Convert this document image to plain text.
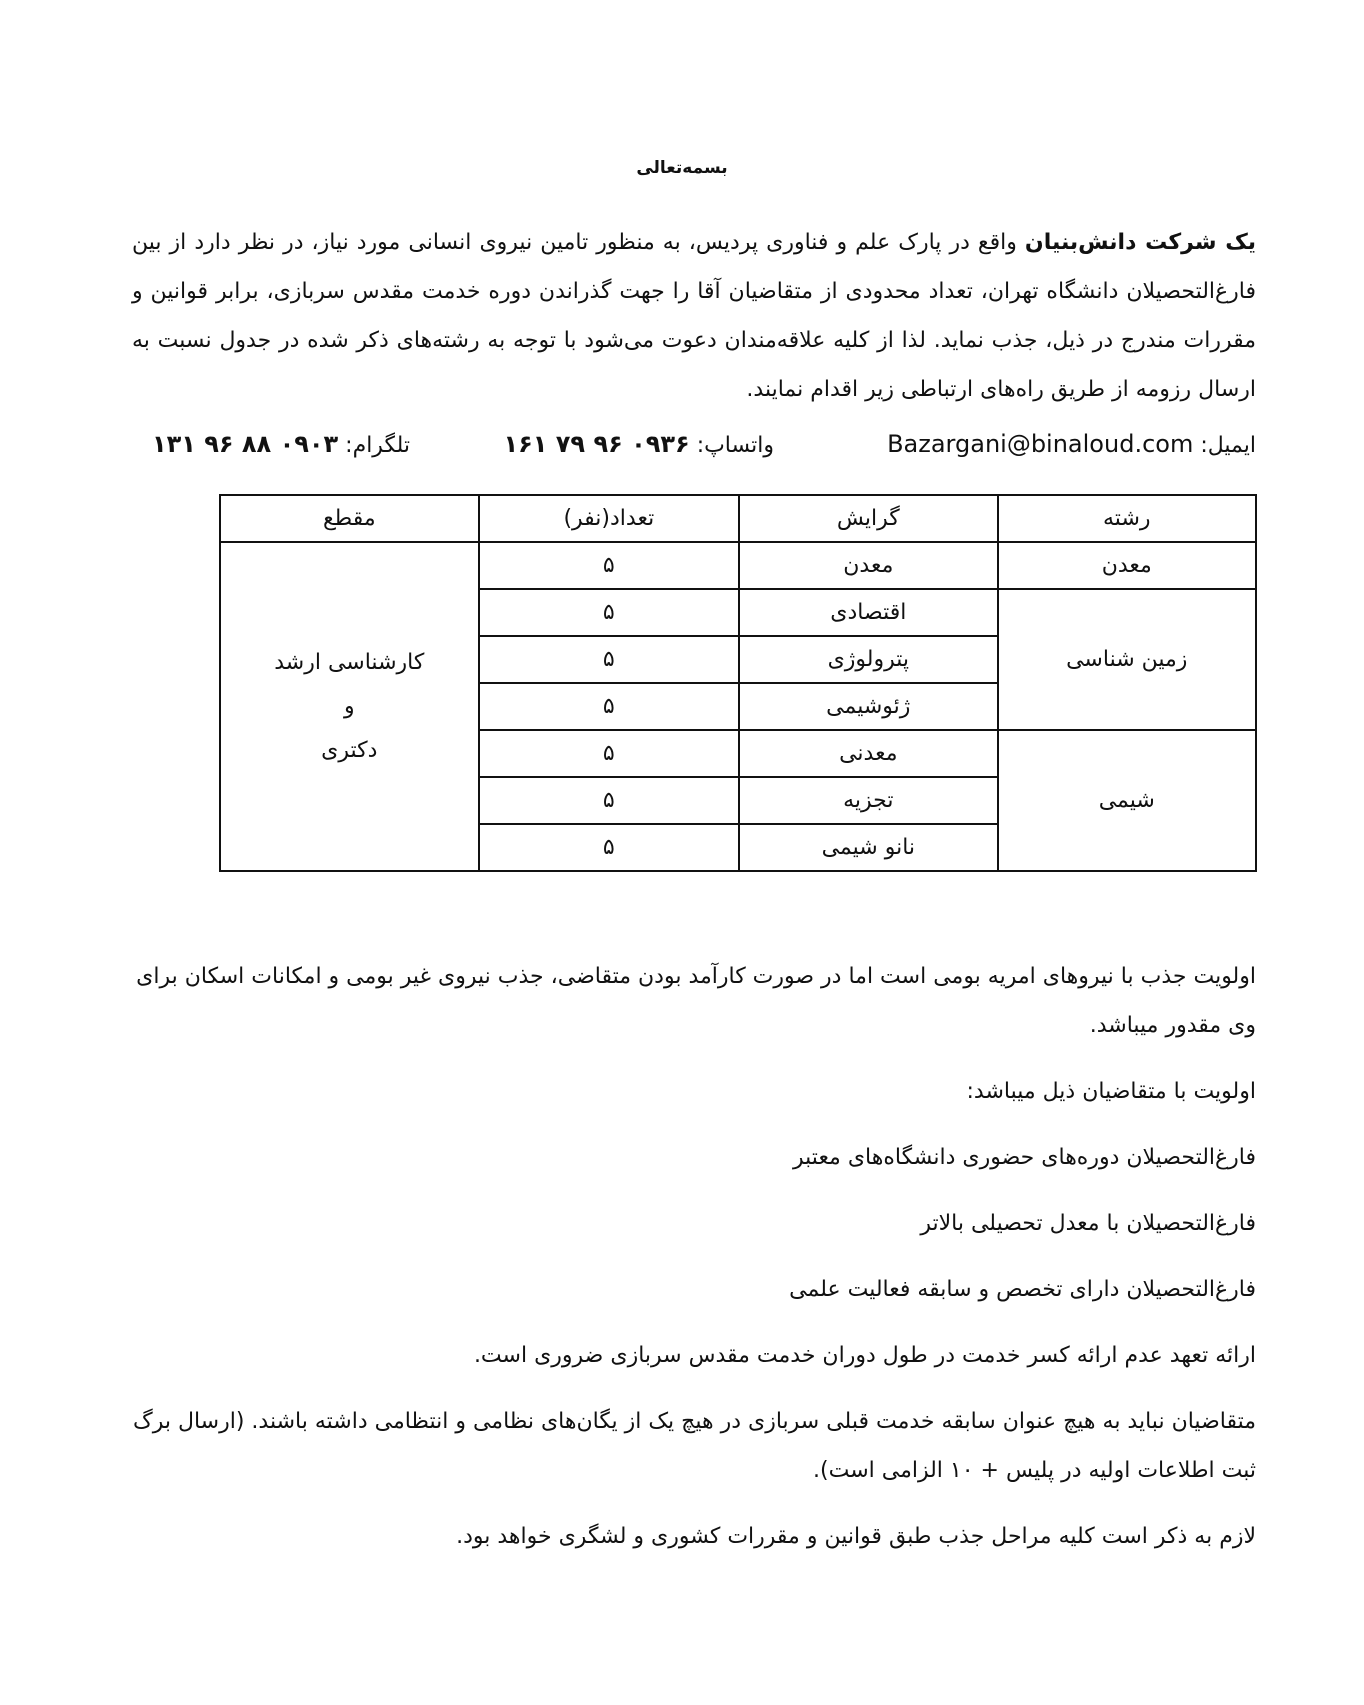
بسمه‌تعالی
یک شرکت دانش‌بنیان واقع در پارک علم و فناوری پردیس، به منظور تامین نیروی انسانی مورد نیاز، در نظر دارد از بین فارغ‌التحصیلان دانشگاه تهران، تعداد محدودی از متقاضیان آقا را جهت گذراندن دوره خدمت مقدس سربازی، برابر قوانین و مقررات مندرج در ذیل، جذب نماید. لذا از کلیه علاقه‌مندان دعوت می‌شود با توجه به رشته‌های ذکر شده در جدول نسبت به ارسال رزومه از طریق راه‌های ارتباطی زیر اقدام نمایند.
ایمیل: Bazargani@binaloud.com
واتساپ: ۰۹۳۶ ۹۶ ۷۹ ۱۶۱
تلگرام: ۰۹۰۳ ۸۸ ۹۶ ۱۳۱
رشته	گرایش	تعداد(نفر)	مقطع
معدن	معدن	۵	کارشناسی ارشد
و
دکتری

زمین شناسی	اقتصادی	۵	
	پترولوژی	۵	
	ژئوشیمی	۵	
شیمی	معدنی	۵	
	تجزیه	۵	
	نانو شیمی	۵	

اولویت جذب با نیروهای امریه بومی است اما در صورت کارآمد بودن متقاضی، جذب نیروی غیر بومی و امکانات اسکان برای وی مقدور میباشد.

اولویت با متقاضیان ذیل میباشد:

فارغ‌التحصیلان دوره‌های حضوری دانشگاه‌های معتبر

فارغ‌التحصیلان با معدل تحصیلی بالاتر

فارغ‌التحصیلان دارای تخصص و سابقه فعالیت علمی

ارائه تعهد عدم ارائه کسر خدمت در طول دوران خدمت مقدس سربازی ضروری است.

متقاضیان نباید به هیچ عنوان سابقه خدمت قبلی سربازی در هیچ یک از یگان‌های نظامی و انتظامی داشته باشند. (ارسال برگ ثبت اطلاعات اولیه در پلیس + ۱۰ الزامی است).

لازم به ذکر است کلیه مراحل جذب طبق قوانین و مقررات کشوری و لشگری خواهد بود.
